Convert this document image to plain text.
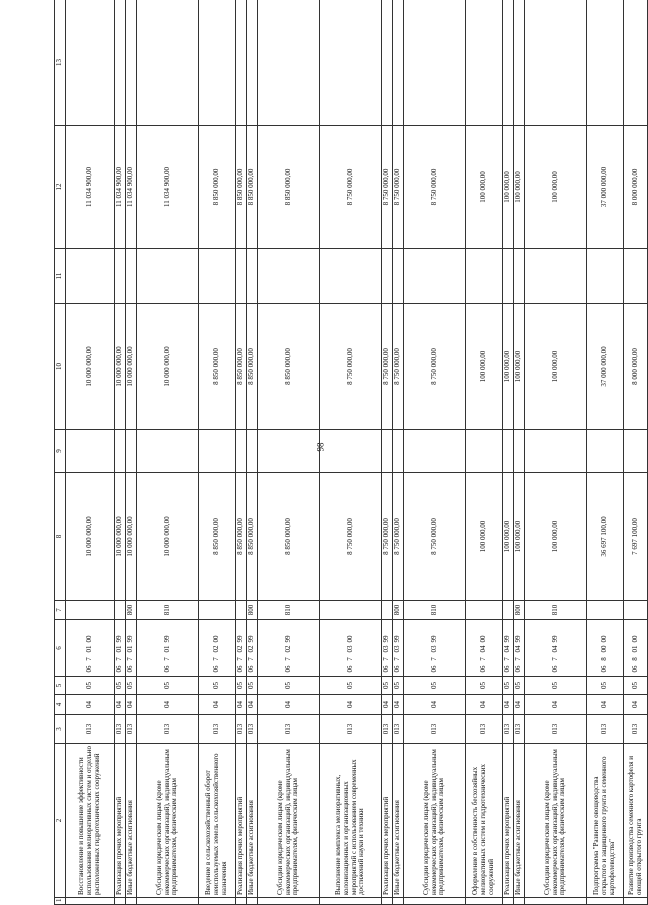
98
1	2	3	4	5	6	7	8	9	10	11	12	13
	Восстановление и повышение эффективности использования мелиоративных систем и отдельно расположенных гидротехнических сооружений	013	04	05	0670100		10 000 000,00		10 000 000,00		11 034 900,00	
	Реализация прочих мероприятий	013	04	05	0670199		10 000 000,00		10 000 000,00		11 034 900,00	
	Иные бюджетные ассигнования	013	04	05	0670199	800	10 000 000,00		10 000 000,00		11 034 900,00	
	Субсидии юридическим лицам (кроме некоммерческих организаций), индивидуальным предпринимателям, физическим лицам	013	04	05	0670199	810	10 000 000,00		10 000 000,00		11 034 900,00	
	Введение в сельскохозяйственный оборот неиспользуемых земель сельскохозяйственного назначения	013	04	05	0670200		8 850 000,00		8 850 000,00		8 850 000,00	
	Реализация прочих мероприятий	013	04	05	0670299		8 850 000,00		8 850 000,00		8 850 000,00	
	Иные бюджетные ассигнования	013	04	05	0670299	800	8 850 000,00		8 850 000,00		8 850 000,00	
	Субсидии юридическим лицам (кроме некоммерческих организаций), индивидуальным предпринимателям, физическим лицам	013	04	05	0670299	810	8 850 000,00		8 850 000,00		8 850 000,00	
	Выполнение комплекса мелиоративных, колонизационных и организационных мероприятий с использованием современных достижений науки и техники	013	04	05	0670300		8 750 000,00		8 750 000,00		8 750 000,00	
	Реализация прочих мероприятий	013	04	05	0670399		8 750 000,00		8 750 000,00		8 750 000,00	
	Иные бюджетные ассигнования	013	04	05	0670399	800	8 750 000,00		8 750 000,00		8 750 000,00	
	Субсидии юридическим лицам (кроме некоммерческих организаций), индивидуальным предпринимателям, физическим лицам	013	04	05	0670399	810	8 750 000,00		8 750 000,00		8 750 000,00	
	Оформление в собственность бесхозяйных мелиоративных систем и гидротехнических сооружений	013	04	05	0670400		100 000,00		100 000,00		100 000,00	
	Реализация прочих мероприятий	013	04	05	0670499		100 000,00		100 000,00		100 000,00	
	Иные бюджетные ассигнования	013	04	05	0670499	800	100 000,00		100 000,00		100 000,00	
	Субсидии юридическим лицам (кроме некоммерческих организаций), индивидуальным предпринимателям, физическим лицам	013	04	05	0670499	810	100 000,00		100 000,00		100 000,00	
	Подпрограмма "Развитие овощеводства открытого и защищенного грунта и семенного картофелеводства"	013	04	05	0680000		36 697 100,00		37 000 000,00		37 000 000,00	
	Развитие производства семенного картофеля и овощей открытого грунта	013	04	05	0680100		7 697 100,00		8 000 000,00		8 000 000,00	
